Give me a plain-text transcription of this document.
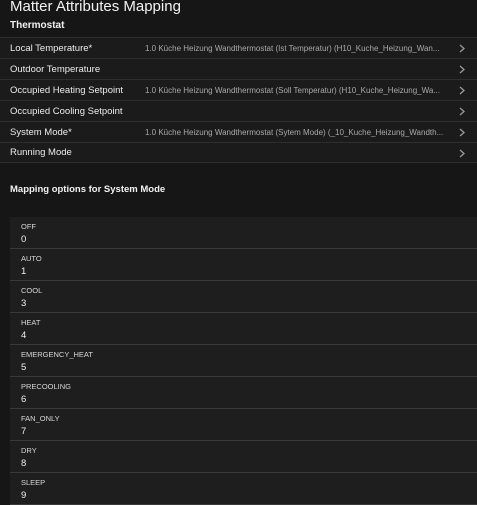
Matter Attributes Mapping
Thermostat
Local Temperature*	1.0 Küche Heizung Wandthermostat (Ist Temperatur) (H10_Kuche_Heizung_Wan...
Outdoor Temperature
Occupied Heating Setpoint	1.0 Küche Heizung Wandthermostat (Soll Temperatur) (H10_Kuche_Heizung_Wa...
Occupied Cooling Setpoint
System Mode*	1.0 Küche Heizung Wandthermostat (Sytem Mode) (_10_Kuche_Heizung_Wandth...
Running Mode
Mapping options for System Mode
OFF
0
AUTO
1
COOL
3
HEAT
4
EMERGENCY_HEAT
5
PRECOOLING
6
FAN_ONLY
7
DRY
8
SLEEP
9
